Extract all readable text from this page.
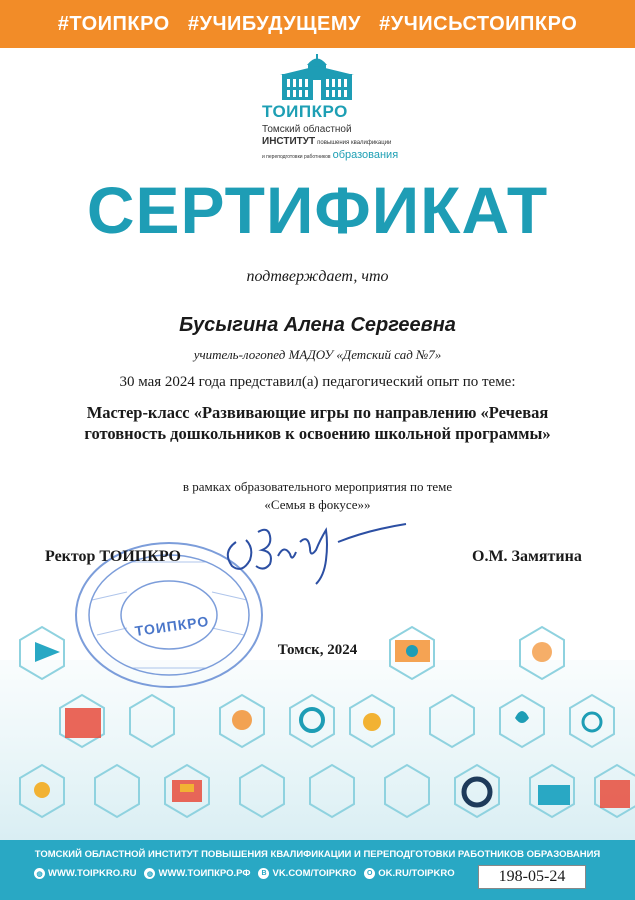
#ТОИПКРО #УЧИБУДУЩЕМУ #УЧИСЬСТОИПКРО
ТОИПКРО
Томский областной
ИНСТИТУТ повышения квалификации
и переподготовки работников образования
СЕРТИФИКАТ
подтверждает, что
Бусыгина Алена Сергеевна
учитель-логопед МАДОУ «Детский сад №7»
30 мая 2024 года представил(а) педагогический опыт по теме:
Мастер-класс «Развивающие игры по направлению «Речевая
готовность дошкольников к освоению школьной программы»
в рамках образовательного мероприятия по теме
«Семья в фокусе»»
ТОИПКРО
Ректор ТОИПКРО	О.М. Замятина
Томск, 2024
ТОМСКИЙ ОБЛАСТНОЙ ИНСТИТУТ ПОВЫШЕНИЯ КВАЛИФИКАЦИИ И ПЕРЕПОДГОТОВКИ РАБОТНИКОВ ОБРАЗОВАНИЯ
◍ WWW.TOIPKRO.RU	◍ WWW.ТОИПКРО.РФ	В VK.COM/TOIPKRO	О OK.RU/TOIPKRO	198-05-24
